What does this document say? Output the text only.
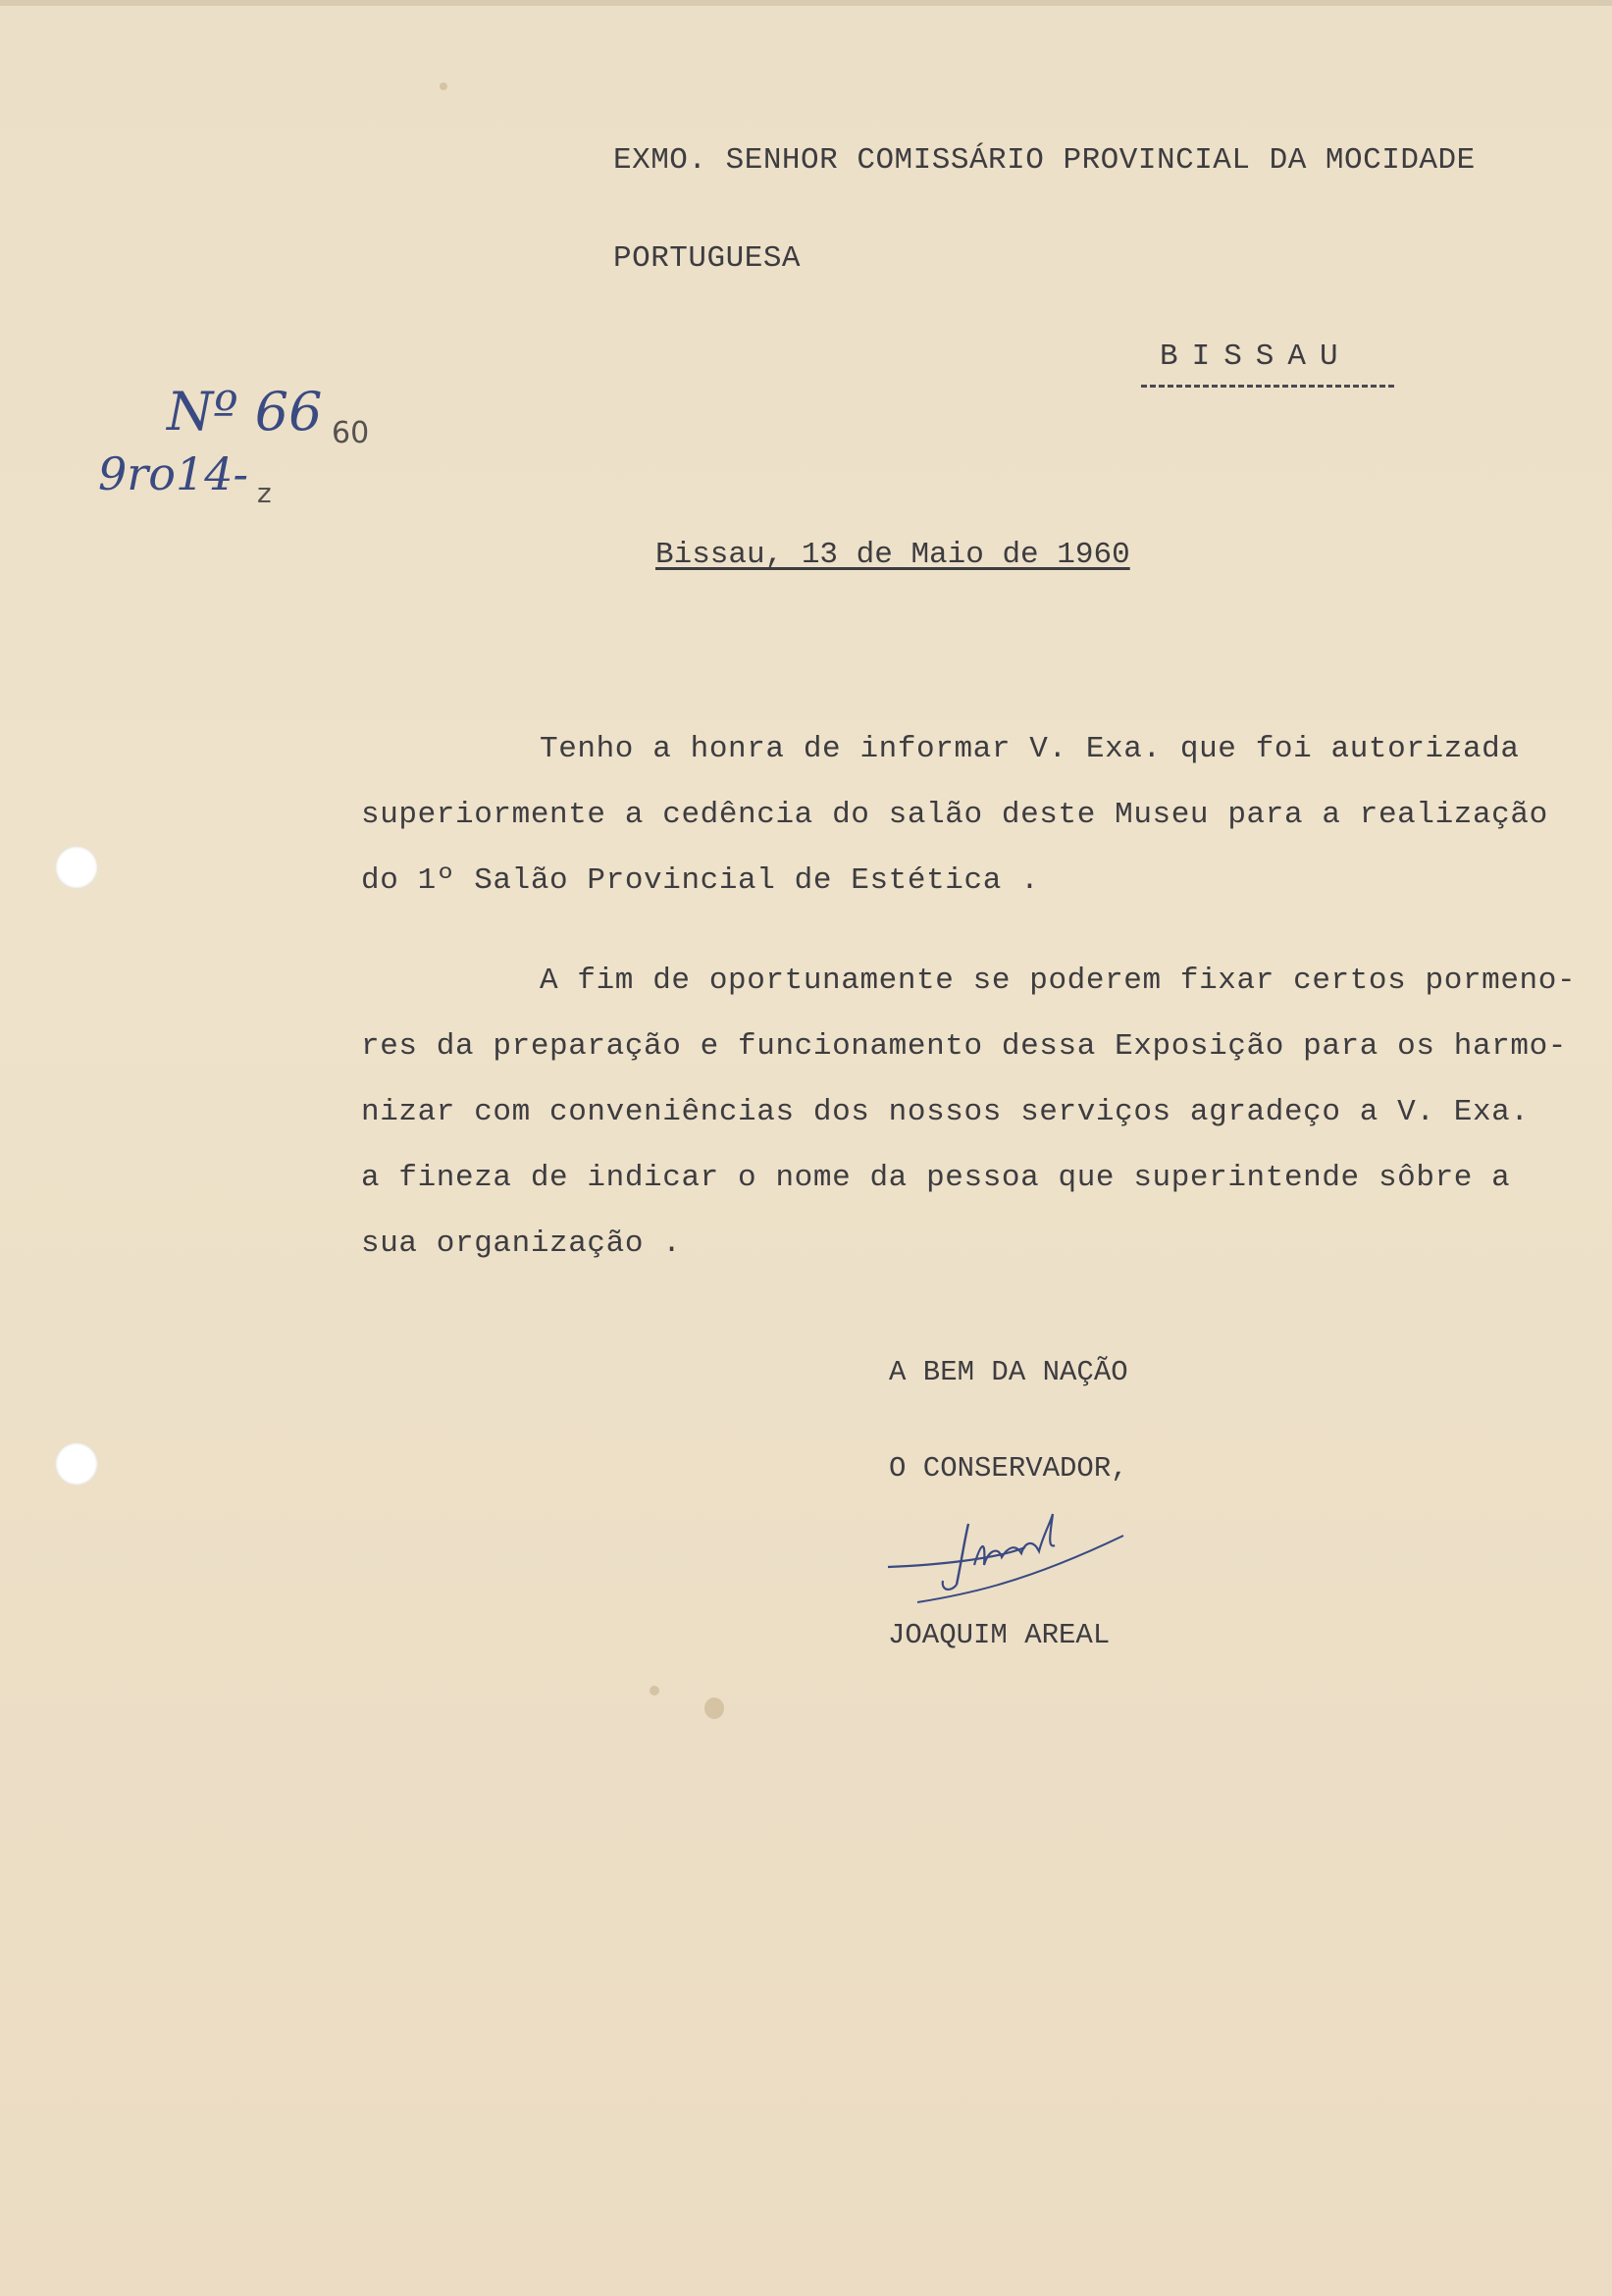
EXMO. SENHOR COMISSÁRIO PROVINCIAL DA MOCIDADE
PORTUGUESA
BISSAU
Nº 66
9ro14-
60
z
Bissau, 13 de Maio de 1960
Tenho a honra de informar V. Exa. que foi autorizada
superiormente a cedência do salão deste Museu para a realização
do 1º Salão Provincial de Estética .
A fim de oportunamente se poderem fixar certos pormeno-
res da preparação e funcionamento dessa Exposição para os harmo-
nizar com conveniências dos nossos serviços agradeço a V. Exa.
a fineza de indicar o nome da pessoa que superintende sôbre a
sua organização .
A BEM DA NAÇÃO
O CONSERVADOR,
JOAQUIM AREAL
